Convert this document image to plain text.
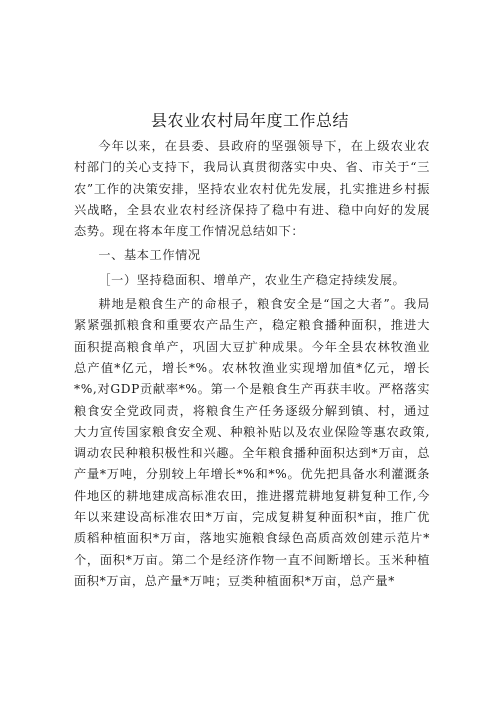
县农业农村局年度工作总结

今年以来，在县委、县政府的坚强领导下，在上级农业农村部门的关心支持下，我局认真贯彻落实中央、省、市关于“三农”工作的决策安排，坚持农业农村优先发展，扎实推进乡村振兴战略，全县农业农村经济保持了稳中有进、稳中向好的发展态势。现在将本年度工作情况总结如下：

一、基本工作情况

［一）坚持稳面积、增单产，农业生产稳定持续发展。

耕地是粮食生产的命根子，粮食安全是“国之大者”。我局紧紧强抓粮食和重要农产品生产，稳定粮食播种面积，推进大面积提高粮食单产，巩固大豆扩种成果。今年全县农林牧渔业总产值*亿元，增长*%。农林牧渔业实现增加值*亿元，增长*%,对GDP贡献率*%。第一个是粮食生产再获丰收。严格落实粮食安全党政同责，将粮食生产任务逐级分解到镇、村，通过大力宣传国家粮食安全观、种粮补贴以及农业保险等惠农政策,调动农民种粮积极性和兴趣。全年粮食播种面积达到*万亩，总产量*万吨，分别较上年增长*%和*%。优先把具备水利灌溉条件地区的耕地建成高标准农田，推进撂荒耕地复耕复种工作,今年以来建设高标准农田*万亩，完成复耕复种面积*亩，推广优质稻种植面积*万亩，落地实施粮食绿色高质高效创建示范片*个，面积*万亩。第二个是经济作物一直不间断增长。玉米种植面积*万亩，总产量*万吨；豆类种植面积*万亩，总产量*
